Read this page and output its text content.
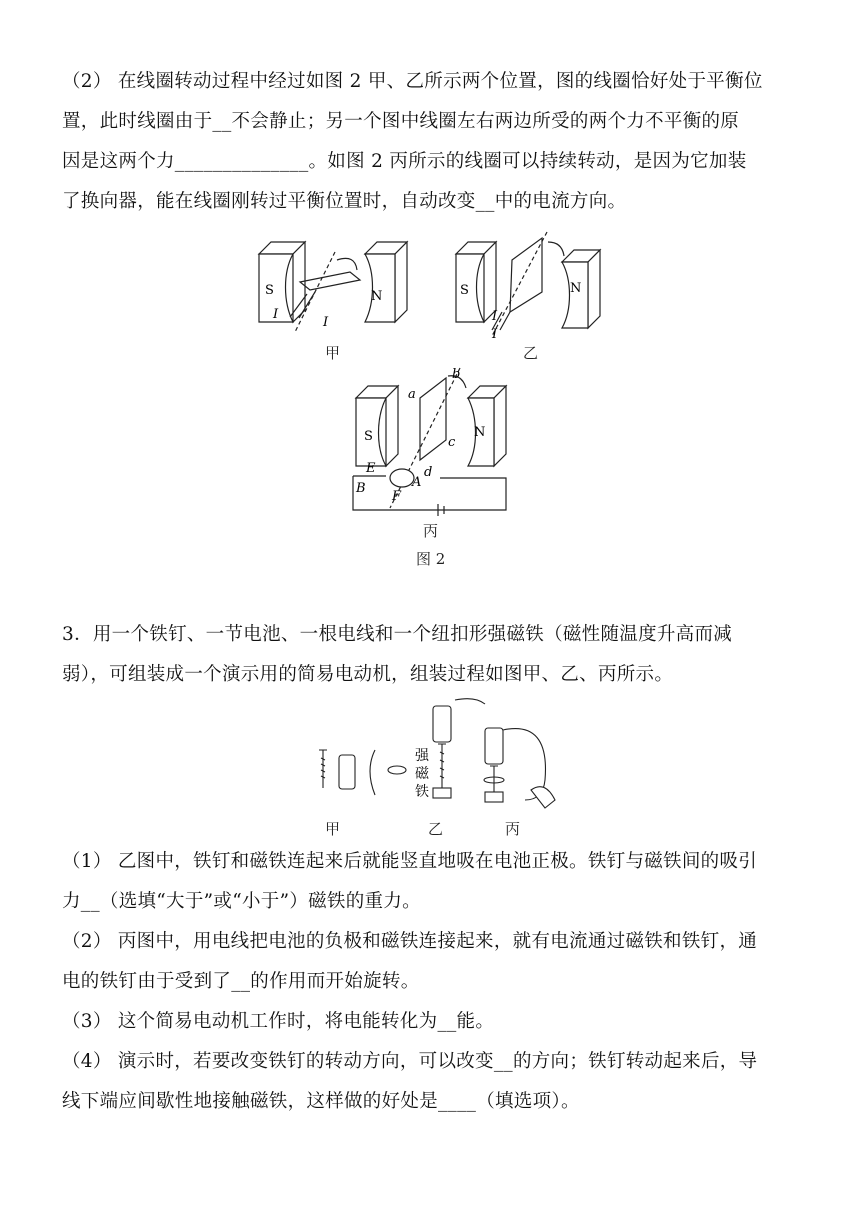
（2） 在线圈转动过程中经过如图 2 甲、乙所示两个位置，图的线圈恰好处于平衡位
置，此时线圈由于__不会静止；另一个图中线圈左右两边所受的两个力不平衡的原
因是这两个力______________。如图 2 丙所示的线圈可以持续转动，是因为它加装
了换向器，能在线圈刚转过平衡位置时，自动改变__中的电流方向。
S	N
I
I
甲
S	N
I
I
乙
S	N
a
b
c
d
E
A
B
F
丙
图 2
3．用一个铁钉、一节电池、一根电线和一个纽扣形强磁铁（磁性随温度升高而减
弱），可组装成一个演示用的简易电动机，组装过程如图甲、乙、丙所示。
强
磁
铁
甲	乙	丙
（1） 乙图中，铁钉和磁铁连起来后就能竖直地吸在电池正极。铁钉与磁铁间的吸引
力__（选填“大于”或“小于”）磁铁的重力。
（2） 丙图中，用电线把电池的负极和磁铁连接起来，就有电流通过磁铁和铁钉，通
电的铁钉由于受到了__的作用而开始旋转。
（3） 这个简易电动机工作时，将电能转化为__能。
（4） 演示时，若要改变铁钉的转动方向，可以改变__的方向；铁钉转动起来后，导
线下端应间歇性地接触磁铁，这样做的好处是____（填选项）。
